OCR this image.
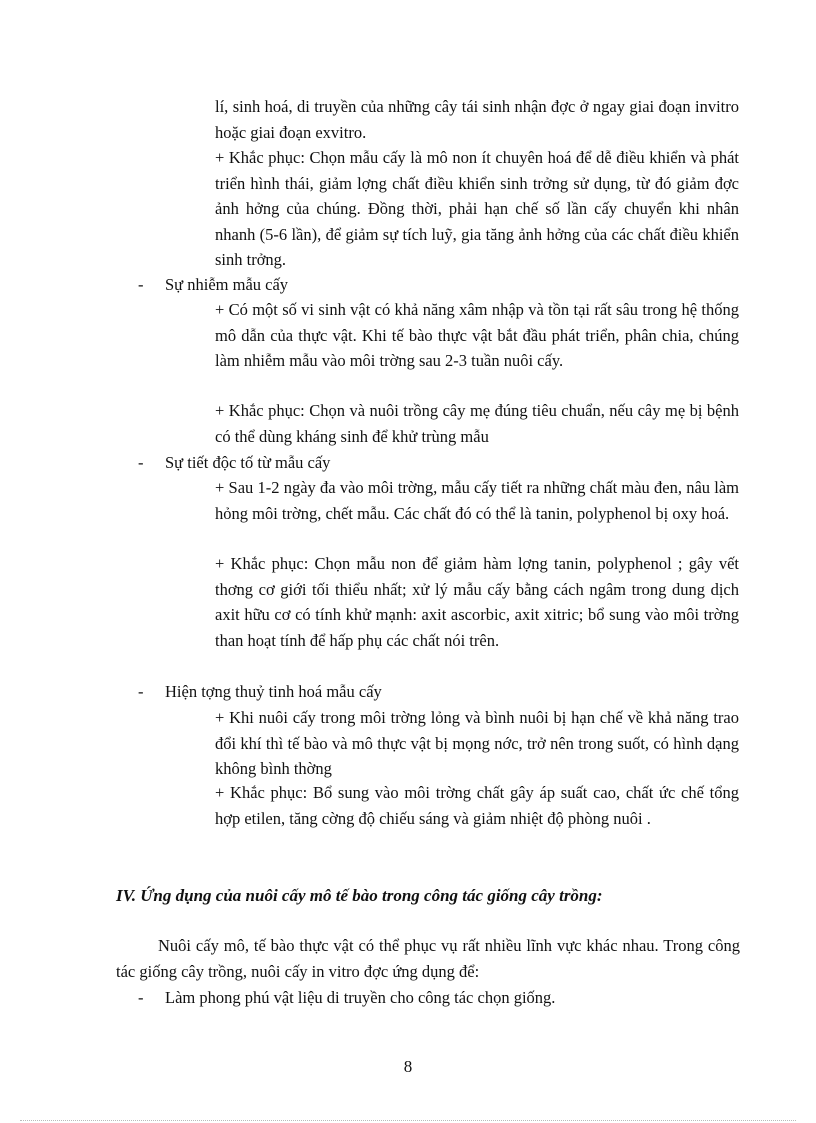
lí, sinh hoá, di truyền của những cây tái sinh nhận đợc ở ngay giai đoạn invitro hoặc giai đoạn exvitro.

+ Khắc phục: Chọn mẫu cấy là mô non ít chuyên hoá để dễ điều khiển và phát triển hình thái, giảm lợng chất điều khiển sinh trởng sử dụng, từ đó giảm đợc ảnh hởng của chúng. Đồng thời, phải hạn chế số lần cấy chuyển khi nhân nhanh (5-6 lần), để giảm sự tích luỹ, gia tăng ảnh hởng của các chất điều khiển sinh trởng.

- Sự nhiễm mẫu cấy

+ Có một số vi sinh vật có khả năng xâm nhập và tồn tại rất sâu trong hệ thống mô dẫn của thực vật. Khi tế bào thực vật bắt đầu phát triển, phân chia, chúng làm nhiễm mẫu vào môi trờng sau 2-3 tuần nuôi cấy.

+ Khắc phục: Chọn và nuôi trồng cây mẹ đúng tiêu chuẩn, nếu cây mẹ bị bệnh có thể dùng kháng sinh để khử trùng mẫu

- Sự tiết độc tố từ mẫu cấy

+ Sau 1-2 ngày đa vào môi trờng, mẫu cấy tiết ra những chất màu đen, nâu làm hỏng môi trờng, chết mẫu. Các chất đó có thể là tanin, polyphenol bị oxy hoá.

+ Khắc phục: Chọn mẫu non để giảm hàm lợng tanin, polyphenol ; gây vết thơng cơ giới tối thiểu nhất; xử lý mẫu cấy bằng cách ngâm trong dung dịch axit hữu cơ có tính khử mạnh: axit ascorbic, axit xitric; bổ sung vào môi trờng than hoạt tính để hấp phụ các chất nói trên.

- Hiện tợng thuỷ tinh hoá mẫu cấy

+ Khi nuôi cấy trong môi trờng lỏng và bình nuôi bị hạn chế về khả năng trao đổi khí thì tế bào và mô thực vật bị mọng nớc, trở nên trong suốt, có hình dạng không bình thờng

+ Khắc phục: Bổ sung vào môi trờng chất gây áp suất cao, chất ức chế tổng hợp etilen, tăng cờng độ chiếu sáng và giảm nhiệt độ phòng nuôi .

IV. Ứng dụng của nuôi cấy mô tế bào trong công tác giống cây trồng:

Nuôi cấy mô, tế bào thực vật có thể phục vụ rất nhiều lĩnh vực khác nhau. Trong công tác giống cây trồng, nuôi cấy in vitro đợc ứng dụng để:

- Làm phong phú vật liệu di truyền cho công tác chọn giống.
8
